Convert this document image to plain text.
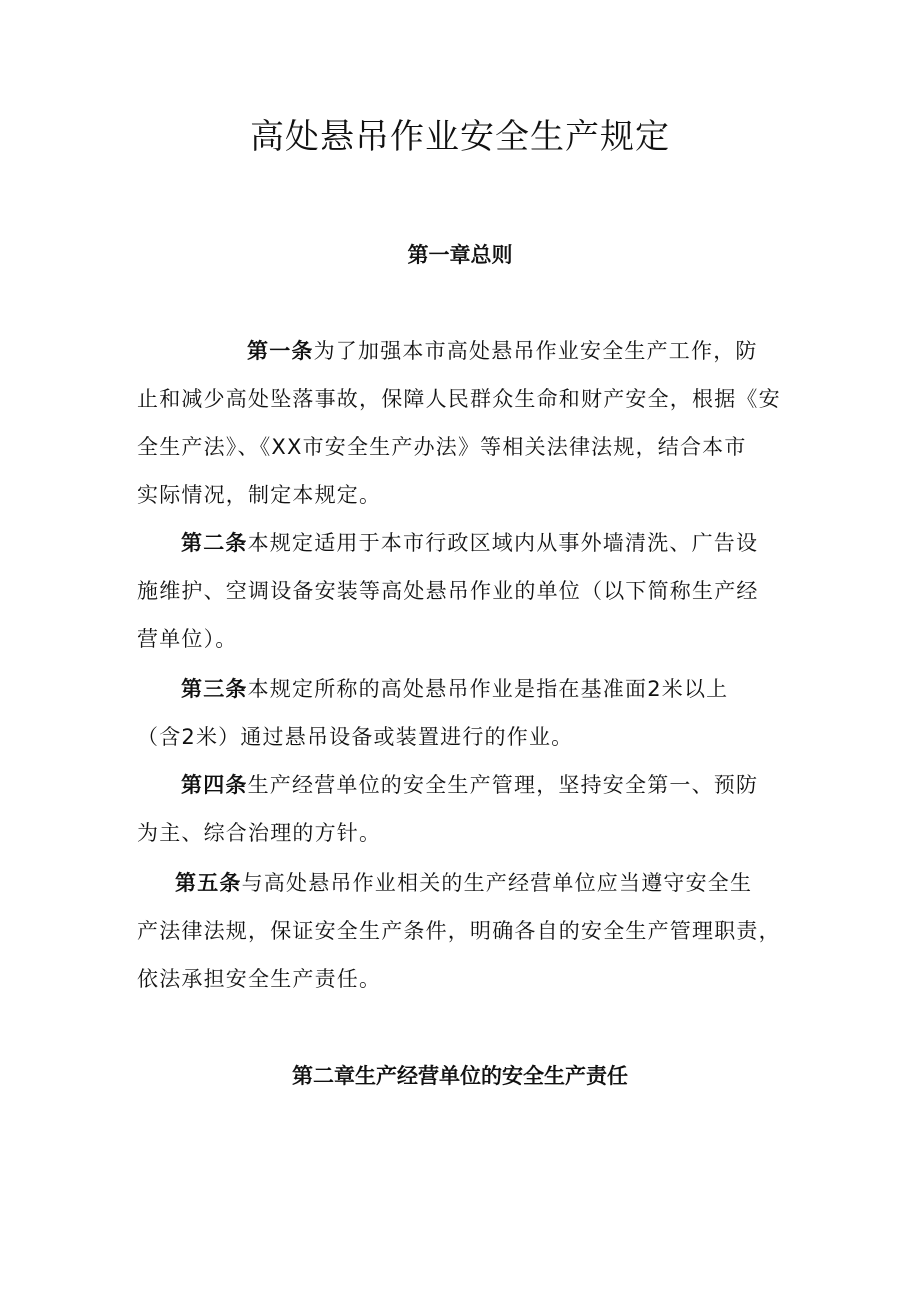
高处悬吊作业安全生产规定
第一章总则
第一条为了加强本市高处悬吊作业安全生产工作，防
止和减少高处坠落事故，保障人民群众生命和财产安全，根据《安
全生产法》、《XX市安全生产办法》等相关法律法规，结合本市
实际情况，制定本规定。
第二条本规定适用于本市行政区域内从事外墙清洗、广告设
施维护、空调设备安装等高处悬吊作业的单位（以下简称生产经
营单位）。
第三条本规定所称的高处悬吊作业是指在基准面2米以上
（含2米）通过悬吊设备或装置进行的作业。
第四条生产经营单位的安全生产管理，坚持安全第一、预防
为主、综合治理的方针。
第五条与高处悬吊作业相关的生产经营单位应当遵守安全生
产法律法规，保证安全生产条件，明确各自的安全生产管理职责，
依法承担安全生产责任。
第二章生产经营单位的安全生产责任
